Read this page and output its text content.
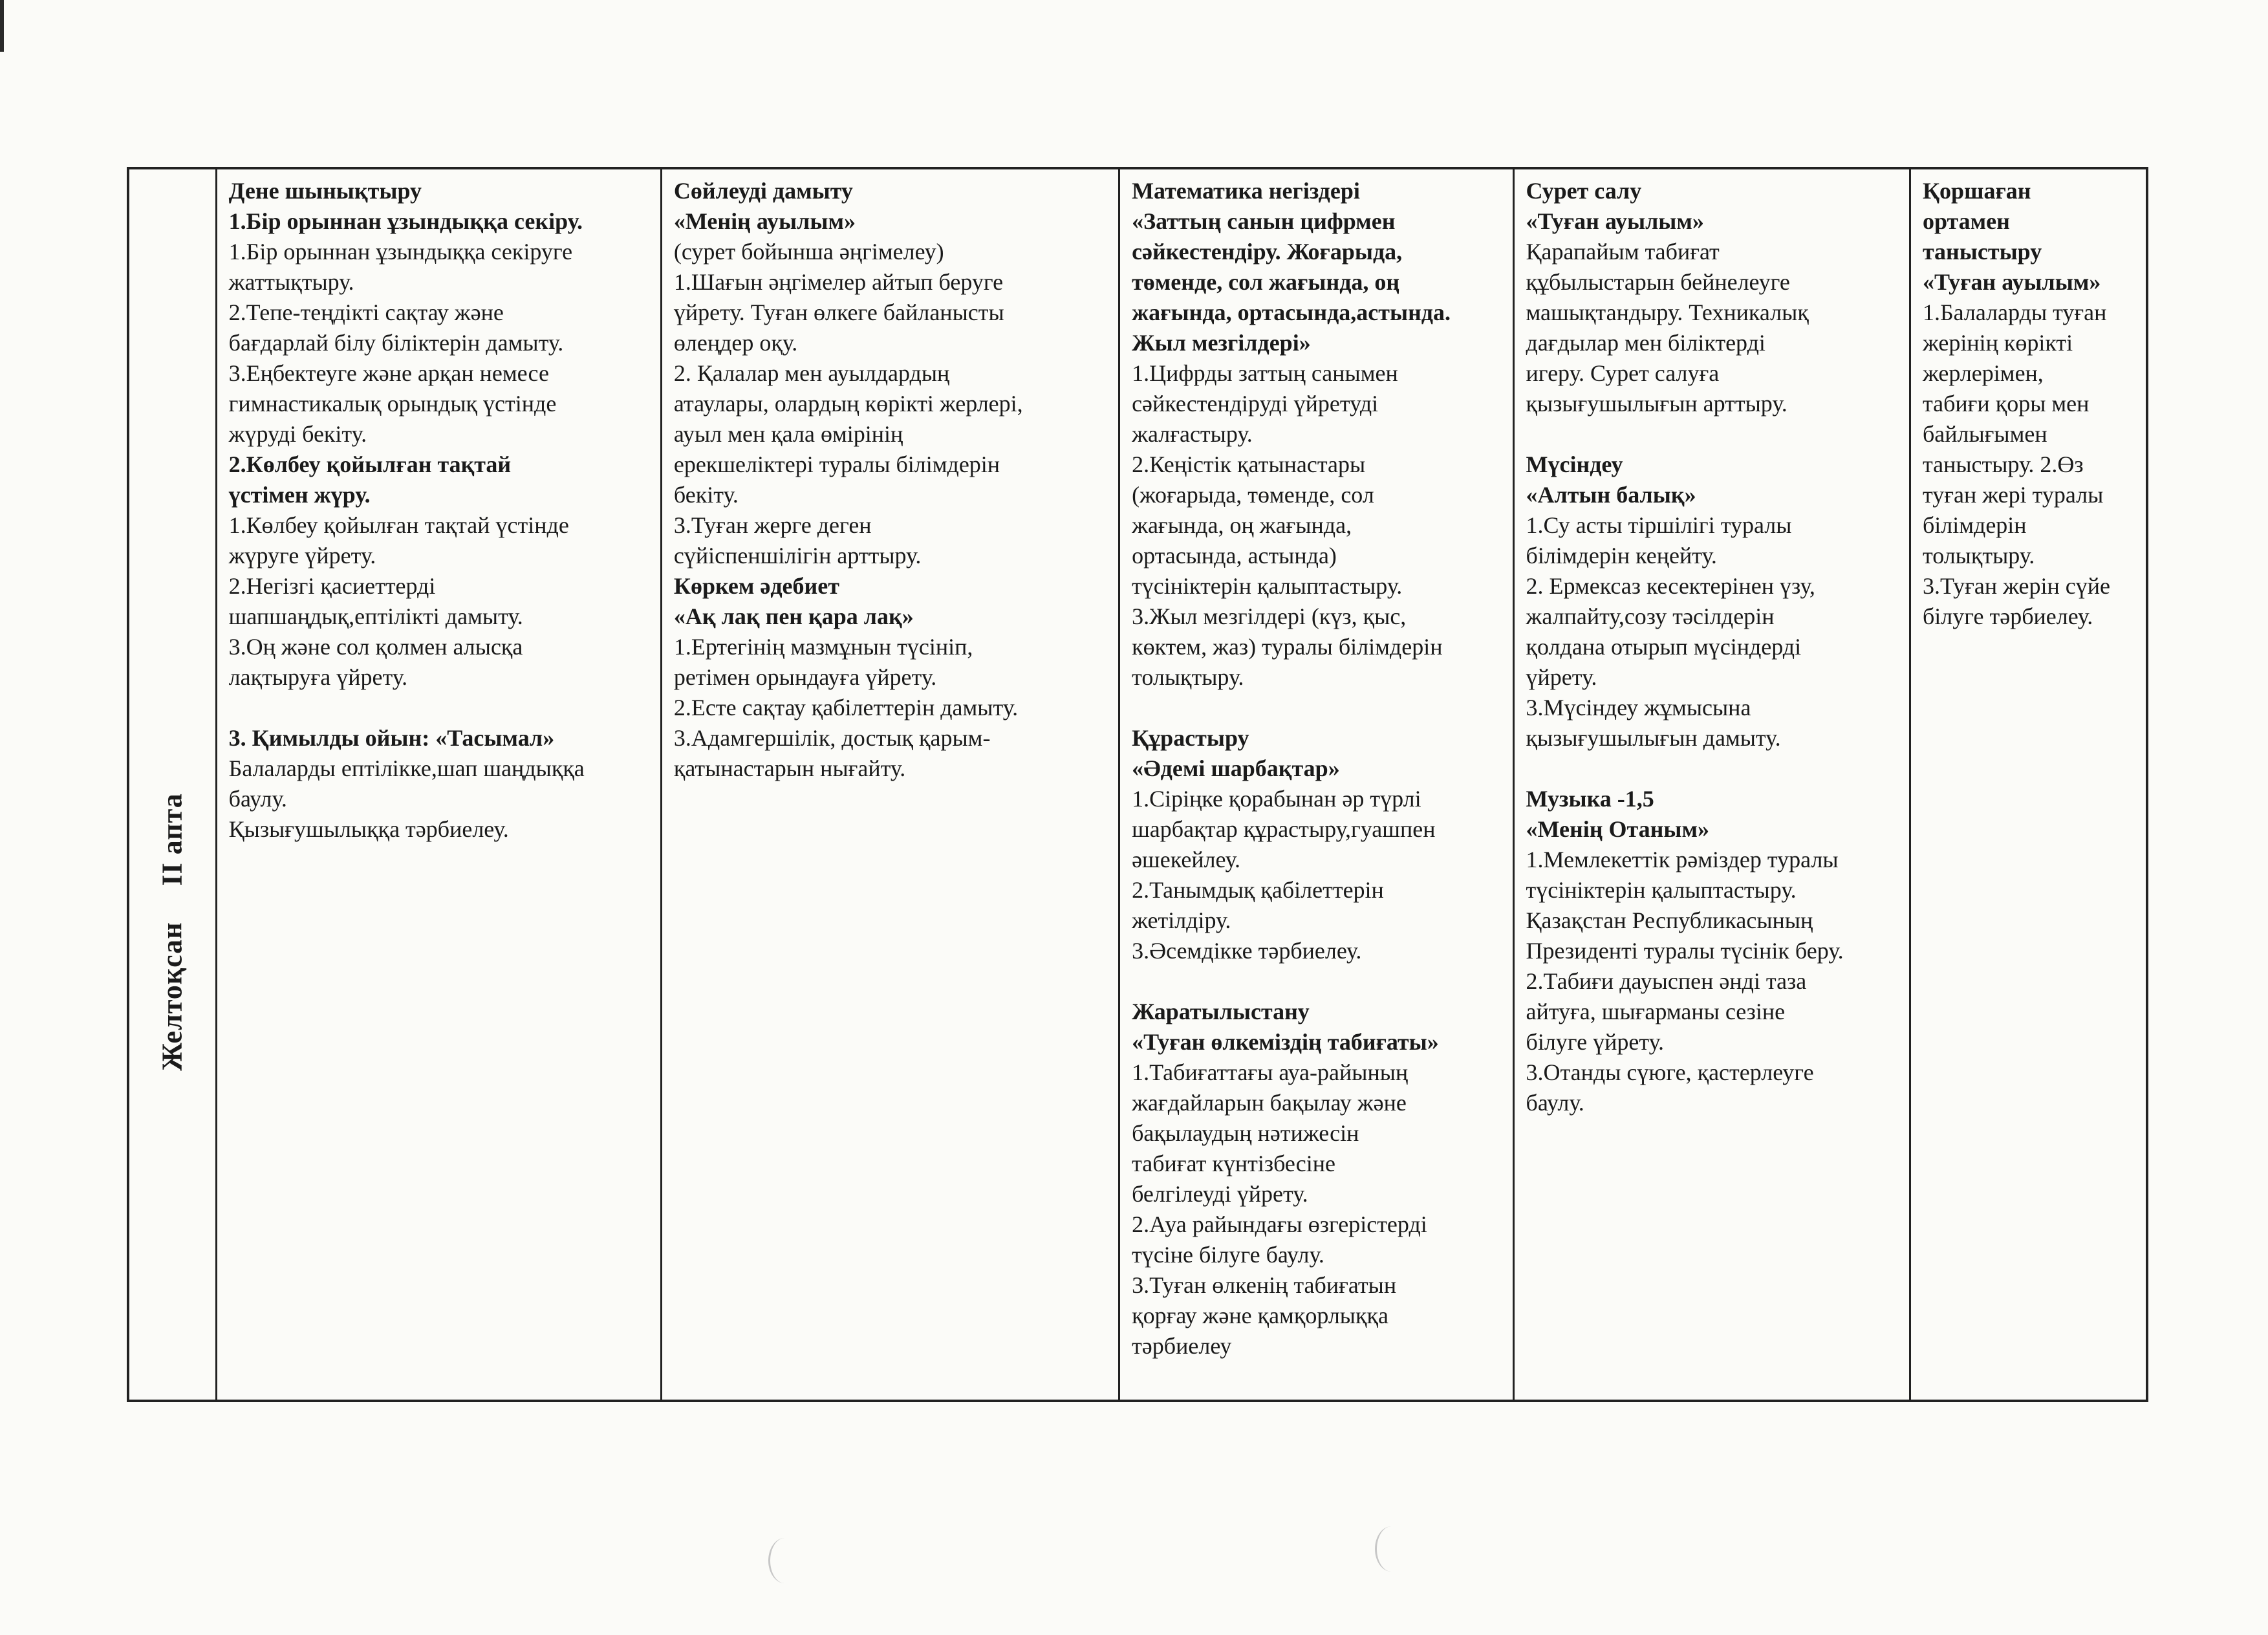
Желтоқсан ІІ апта
Дене шынықтыру
1.Бір орыннан ұзындыққа секіру.
1.Бір орыннан ұзындыққа секіруге
жаттықтыру.
2.Тепе-теңдікті сақтау және
бағдарлай білу біліктерін дамыту.
3.Еңбектеуге және арқан немесе
гимнастикалық орындық үстінде
жүруді бекіту.
2.Көлбеу қойылған тақтай
үстімен жүру.
1.Көлбеу қойылған тақтай үстінде
жүруге үйрету.
2.Негізгі қасиеттерді
шапшаңдық,ептілікті дамыту.
3.Оң және сол қолмен алысқа
лақтыруға үйрету.
3. Қимылды ойын: «Тасымал»
Балаларды ептілікке,шап шаңдыққа
баулу.
Қызығушылыққа тәрбиелеу.
Сөйлеуді дамыту
«Менің ауылым»
(сурет бойынша әңгімелеу)
1.Шағын әңгімелер айтып беруге
үйрету. Туған өлкеге байланысты
өлеңдер оқу.
2. Қалалар мен ауылдардың
атаулары, олардың көрікті жерлері,
ауыл мен қала өмірінің
ерекшеліктері туралы білімдерін
бекіту.
3.Туған жерге деген
сүйіспеншілігін арттыру.
Көркем әдебиет
«Ақ лақ пен қара лақ»
1.Ертегінің мазмұнын түсініп,
ретімен орындауға үйрету.
2.Есте сақтау қабілеттерін дамыту.
3.Адамгершілік, достық қарым-
қатынастарын нығайту.
Математика негіздері
«Заттың санын цифрмен
сәйкестендіру. Жоғарыда,
төменде, сол жағында, оң
жағында, ортасында,астында.
Жыл мезгілдері»
1.Цифрды заттың санымен
сәйкестендіруді үйретуді
жалғастыру.
2.Кеңістік қатынастары
(жоғарыда, төменде, сол
жағында, оң жағында,
ортасында, астында)
түсініктерін қалыптастыру.
3.Жыл мезгілдері (күз, қыс,
көктем, жаз) туралы білімдерін
толықтыру.
Құрастыру
«Әдемі шарбақтар»
1.Сіріңке қорабынан әр түрлі
шарбақтар құрастыру,гуашпен
әшекейлеу.
2.Танымдық қабілеттерін
жетілдіру.
3.Әсемдікке тәрбиелеу.
Жаратылыстану
«Туған өлкеміздің табиғаты»
1.Табиғаттағы ауа-райының
жағдайларын бақылау және
бақылаудың нәтижесін
табиғат күнтізбесіне
белгілеуді үйрету.
2.Ауа райындағы өзгерістерді
түсіне білуге баулу.
3.Туған өлкенің табиғатын
қорғау және қамқорлыққа
тәрбиелеу
Сурет салу
«Туған ауылым»
Қарапайым табиғат
құбылыстарын бейнелеуге
машықтандыру. Техникалық
дағдылар мен біліктерді
игеру. Сурет салуға
қызығушылығын арттыру.
Мүсіндеу
«Алтын балық»
1.Су асты тіршілігі туралы
білімдерін кеңейту.
2. Ермексаз кесектерінен үзу,
жалпайту,созу тәсілдерін
қолдана отырып мүсіндерді
үйрету.
3.Мүсіндеу жұмысына
қызығушылығын дамыту.
Музыка -1,5
«Менің Отаным»
1.Мемлекеттік рәміздер туралы
түсініктерін қалыптастыру.
Қазақстан Республикасының
Президенті туралы түсінік беру.
2.Табиғи дауыспен әнді таза
айтуға, шығарманы сезіне
білуге үйрету.
3.Отанды сүюге, қастерлеуге
баулу.
Қоршаған
ортамен
таныстыру
«Туған ауылым»
1.Балаларды туған
жерінің көрікті
жерлерімен,
табиғи қоры мен
байлығымен
таныстыру. 2.Өз
туған жері туралы
білімдерін
толықтыру.
3.Туған жерін сүйе
білуге тәрбиелеу.
